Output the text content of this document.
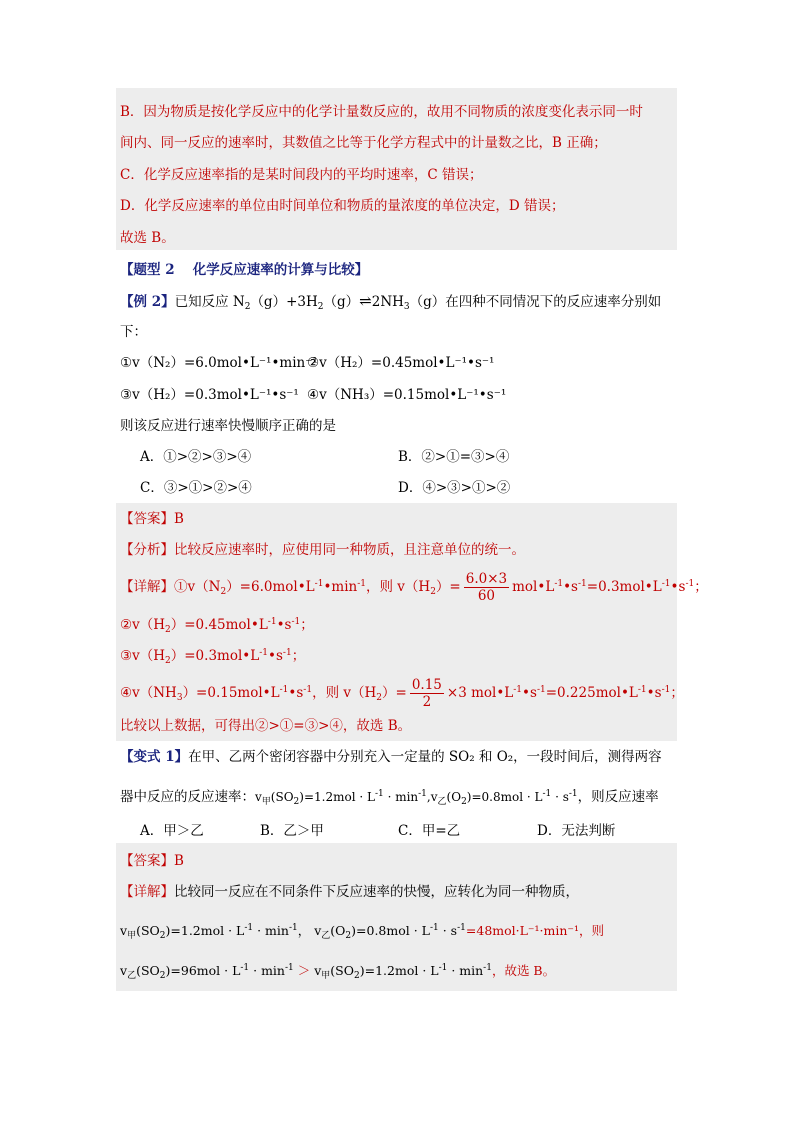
B．因为物质是按化学反应中的化学计量数反应的，故用不同物质的浓度变化表示同一时
间内、同一反应的速率时，其数值之比等于化学方程式中的计量数之比，B 正确；
C．化学反应速率指的是某时间段内的平均时速率，C 错误；
D．化学反应速率的单位由时间单位和物质的量浓度的单位决定，D 错误；
故选 B。
【题型 2　 化学反应速率的计算与比较】
【例 2】已知反应 $N_2(g)+3H_2(g)\rightleftharpoons 2NH_3(g)$在四种不同情况下的反应速率分别如
下：
①v（N₂）=6.0mol•L⁻¹•min⁻¹
②v（H₂）=0.45mol•L⁻¹•s⁻¹
③v（H₂）=0.3mol•L⁻¹•s⁻¹ ④v（NH₃）=0.15mol•L⁻¹•s⁻¹
则该反应进行速率快慢顺序正确的是
A．①>②>③>④	B．②>①=③>④
C．③>①>②>④	D．④>③>①>②
【答案】B
【分析】比较反应速率时，应使用同一种物质，且注意单位的统一。
【详解】$①v(N_2)=6.0mol•L^{-1}•\min^{-1}$，则 $v(H_2)= \frac{6.0\times 3}{60}$ $mol•L^{-1}•s^{-1}=0.3mol•L^{-1}•s^{-1}$；
$②v(H_2)=0.45mol•L^{-1}•s^{-1}$；
$③v(H_2)=0.3mol•L^{-1}•s^{-1}$；
$④v(NH_3)=0.15mol•L^{-1}•s^{-1}$，则 $v(H_2)= \frac{0.15}{2} \times 3$ $mol•L^{-1}•s^{-1}=0.225mol•L^{-1}•s^{-1}$；
比较以上数据，可得出②>①=③>④，故选 B。
【变式 1】在甲、乙两个密闭容器中分别充入一定量的 SO₂ 和 O₂，一段时间后，测得两容
器中反应的反应速率：$v_甲(SO_2)=1.2mol \cdot L^{-1} \cdot \min^{-1},v_乙(O_2)=0.8mol \cdot L^{-1} \cdot s^{-1}$，则反应速率
A．甲＞乙	B．乙＞甲	C．甲=乙	D．无法判断
【答案】B
【详解】比较同一反应在不同条件下反应速率的快慢，应转化为同一种物质，
$v_甲(SO_2)=1.2mol \cdot L^{-1} \cdot \min^{-1}$， $v_乙(O_2)=0.8mol \cdot L^{-1} \cdot s^{-1}=48mol\cdot L^{-1}\cdot\min^{-1}$，则
$v_乙(SO_2)=96mol \cdot L^{-1} \cdot \min^{-1} > v_甲(SO_2)=1.2mol \cdot L^{-1} \cdot \min^{-1}$，故选 B。
